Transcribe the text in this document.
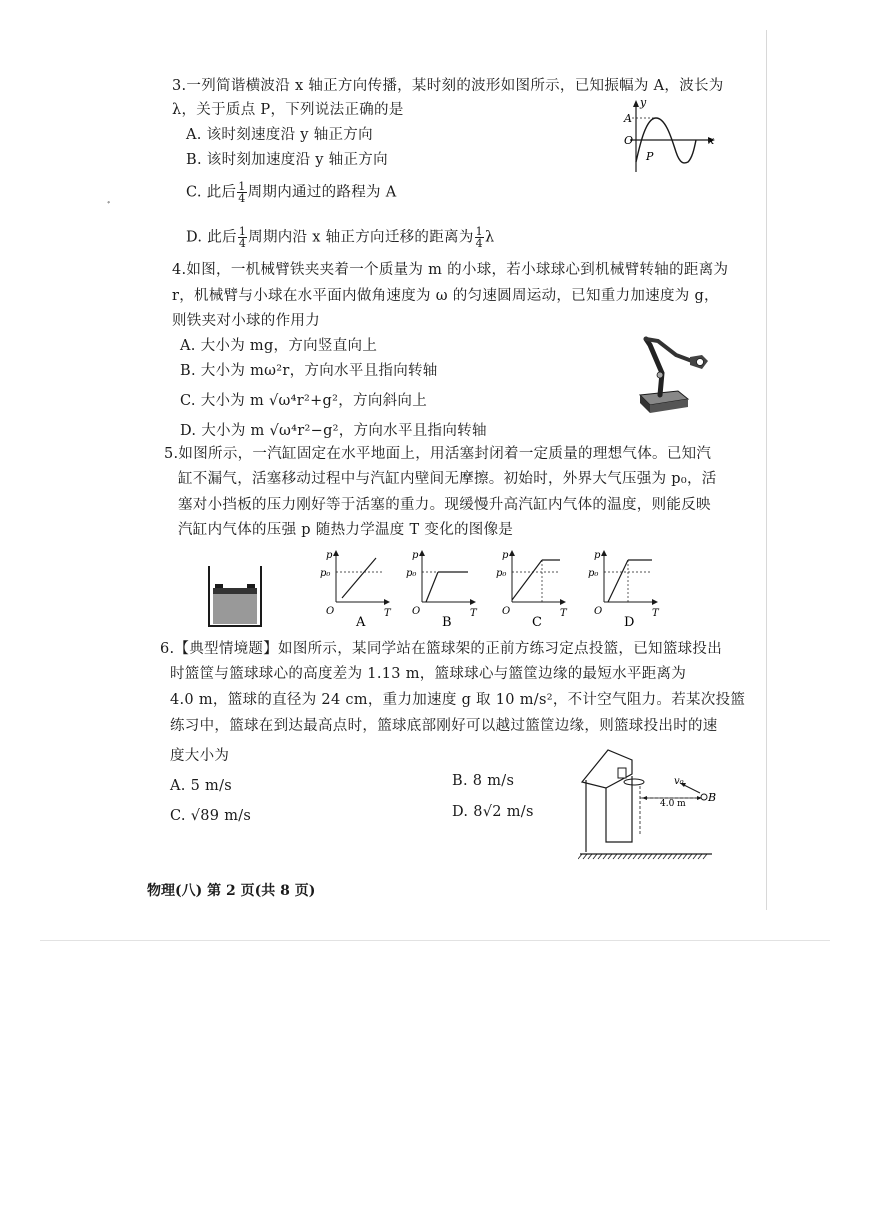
ﾞ
3.一列简谐横波沿 x 轴正方向传播，某时刻的波形如图所示，已知振幅为 A，波长为
λ，关于质点 P，下列说法正确的是
A. 该时刻速度沿 y 轴正方向
B. 该时刻加速度沿 y 轴正方向
C. 此后 $\frac{1}{4}$ 周期内通过的路程为 A
D. 此后 $\frac{1}{4}$ 周期内沿 x 轴正方向迁移的距离为 $\frac{1}{4}$ λ
y
x
A
O
P
4.如图，一机械臂铁夹夹着一个质量为 m 的小球，若小球球心到机械臂转轴的距离为
r，机械臂与小球在水平面内做角速度为 ω 的匀速圆周运动，已知重力加速度为 g，
则铁夹对小球的作用力
A. 大小为 mg，方向竖直向上
B. 大小为 mω²r，方向水平且指向转轴
C. 大小为 m √ω⁴r²+g²，方向斜向上
D. 大小为 m √ω⁴r²−g²，方向水平且指向转轴
5.如图所示，一汽缸固定在水平地面上，用活塞封闭着一定质量的理想气体。已知汽
缸不漏气，活塞移动过程中与汽缸内壁间无摩擦。初始时，外界大气压强为 p₀，活
塞对小挡板的压力刚好等于活塞的重力。现缓慢升高汽缸内气体的温度，则能反映
汽缸内气体的压强 p 随热力学温度 T 变化的图像是
p
p₀
O	T
A
p
p₀
O	T
B
p
p₀
O	T
C
p
p₀
O	T
D
6.【典型情境题】如图所示，某同学站在篮球架的正前方练习定点投篮，已知篮球投出
时篮筐与篮球球心的高度差为 1.13 m，篮球球心与篮筐边缘的最短水平距离为
4.0 m，篮球的直径为 24 cm，重力加速度 g 取 10 m/s²，不计空气阻力。若某次投篮
练习中，篮球在到达最高点时，篮球底部刚好可以越过篮筐边缘，则篮球投出时的速
度大小为
A. 5 m/s	B. 8 m/s
C. √89 m/s	D. 8√2 m/s
v₀
4.0 m B
物理(八) 第 2 页(共 8 页)
